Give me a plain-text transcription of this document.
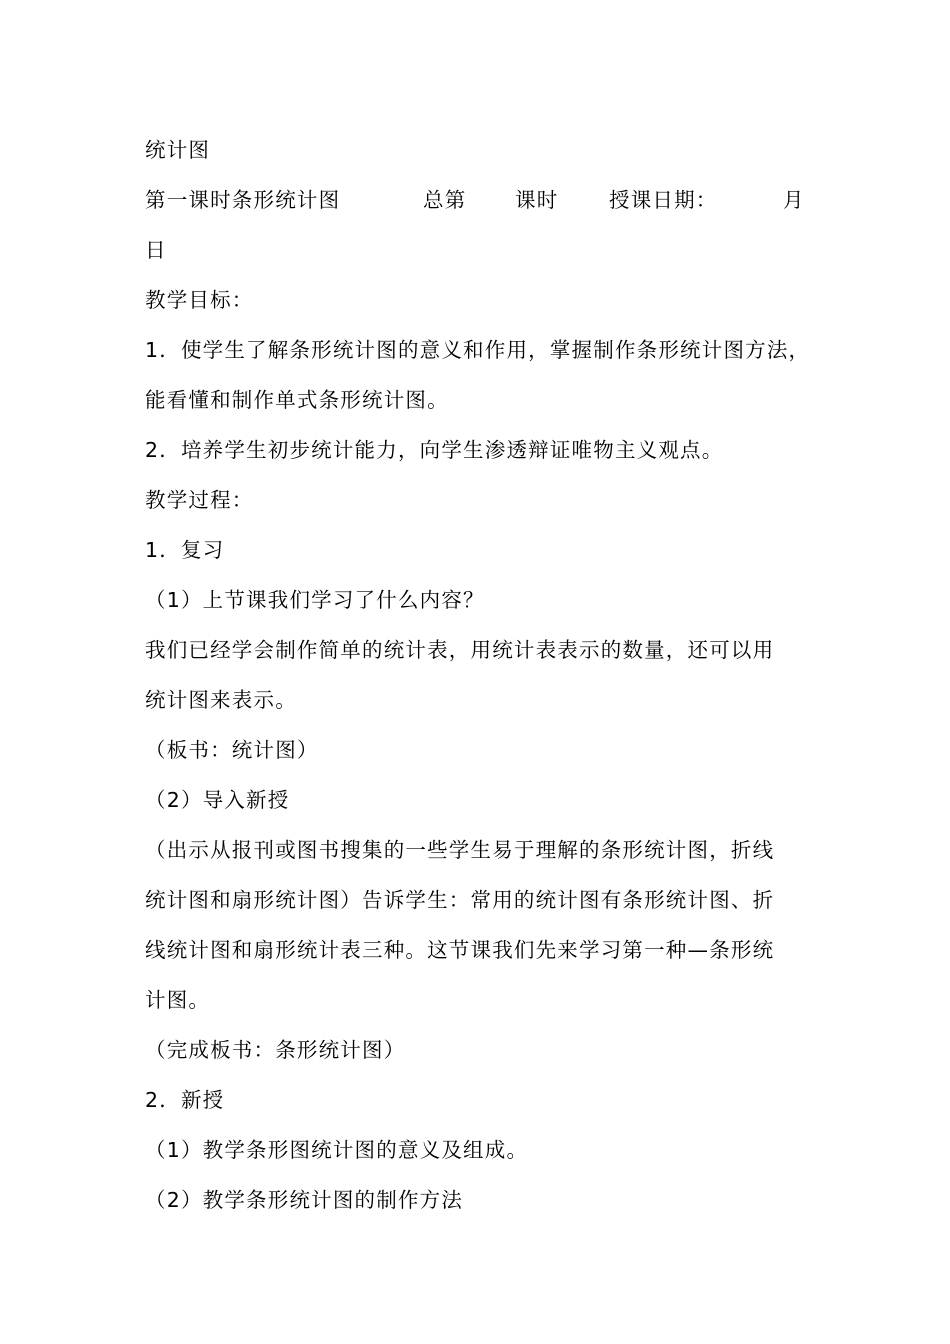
统计图
第一课时条形统计图	总第 课时 授课日期：	月
日
教学目标：
1．使学生了解条形统计图的意义和作用，掌握制作条形统计图方法，
能看懂和制作单式条形统计图。
2．培养学生初步统计能力，向学生渗透辩证唯物主义观点。
教学过程：
1．复习
（1）上节课我们学习了什么内容？
我们已经学会制作简单的统计表，用统计表表示的数量，还可以用
统计图来表示。
（板书：统计图）
（2）导入新授
（出示从报刊或图书搜集的一些学生易于理解的条形统计图，折线
统计图和扇形统计图）告诉学生：常用的统计图有条形统计图、折
线统计图和扇形统计表三种。这节课我们先来学习第一种—条形统
计图。
（完成板书：条形统计图）
2．新授
（1）教学条形图统计图的意义及组成。
（2）教学条形统计图的制作方法
